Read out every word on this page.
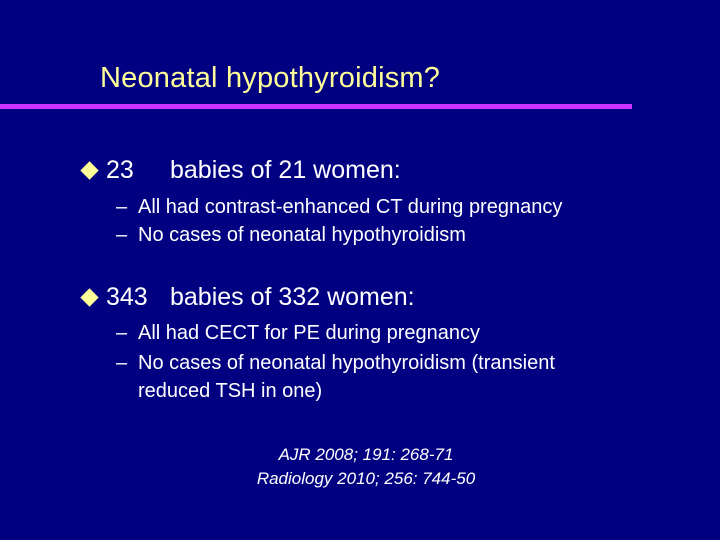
Neonatal hypothyroidism?
23	babies of 21 women:
– All had contrast-enhanced CT during pregnancy
– No cases of neonatal hypothyroidism
343 babies of 332 women:
– All had CECT for PE during pregnancy
– No cases of neonatal hypothyroidism (transient
reduced TSH in one)
AJR 2008; 191: 268-71
Radiology 2010; 256: 744-50
